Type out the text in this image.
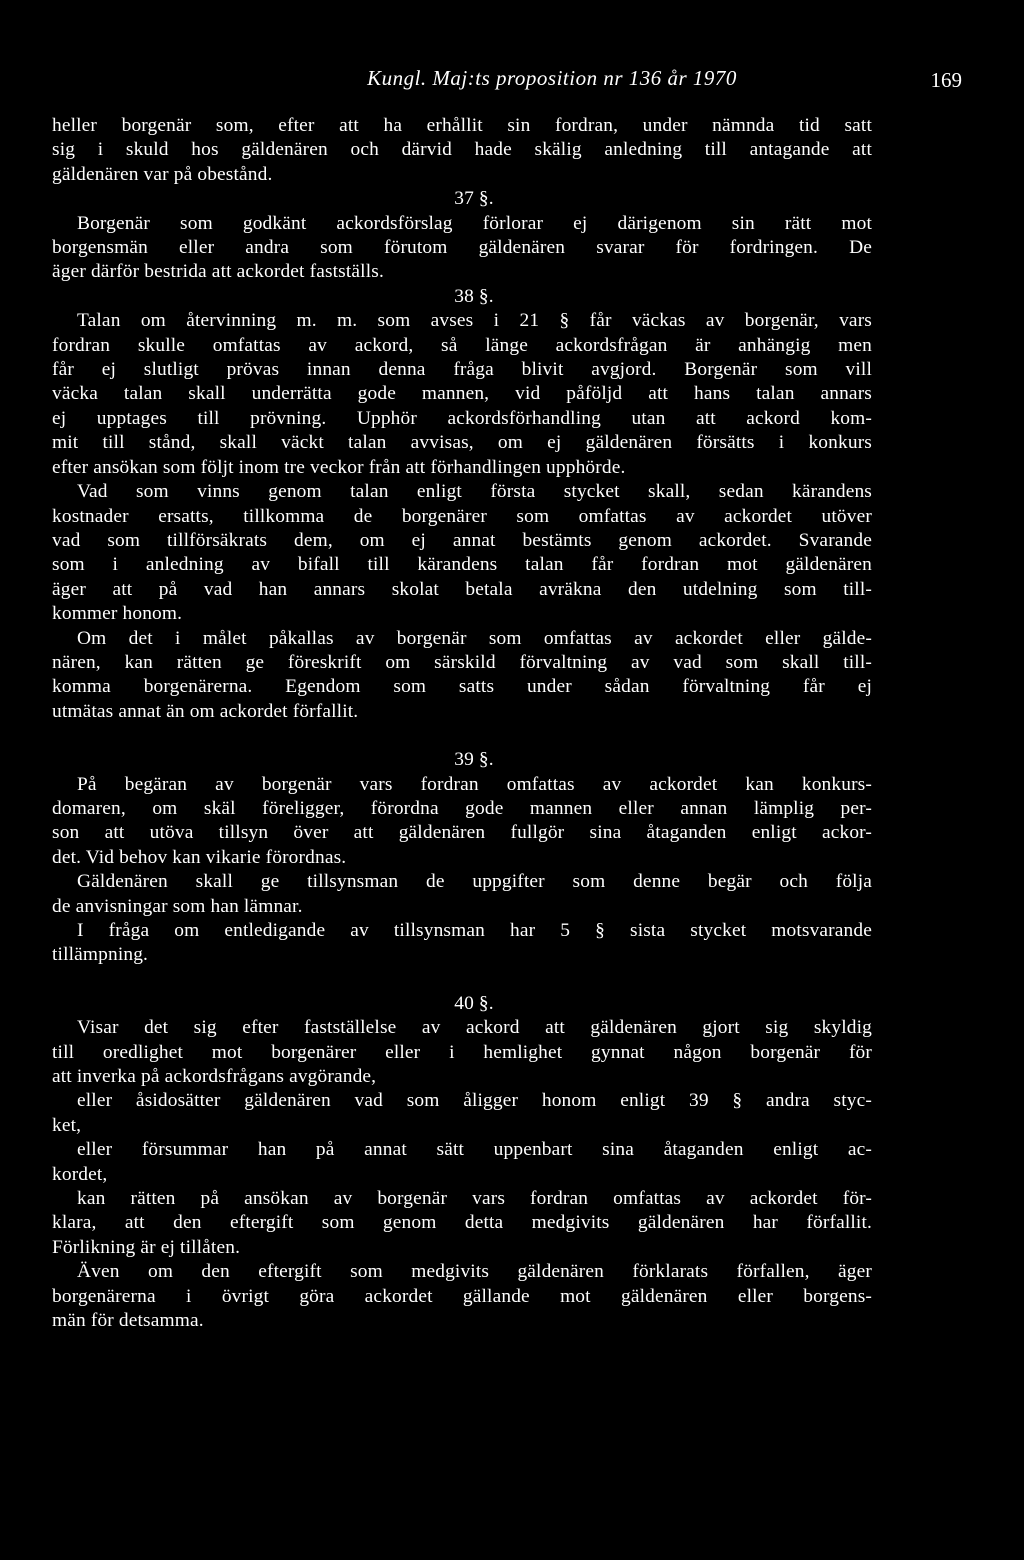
Kungl. Maj:ts proposition nr 136 år 1970	169

heller borgenär som, efter att ha erhållit sin fordran, under nämnda tid satt

sig i skuld hos gäldenären och därvid hade skälig anledning till antagande att

gäldenären var på obestånd.

37 §.

Borgenär som godkänt ackordsförslag förlorar ej därigenom sin rätt mot

borgensmän eller andra som förutom gäldenären svarar för fordringen. De

äger därför bestrida att ackordet fastställs.

38 §.

Talan om återvinning m. m. som avses i 21 § får väckas av borgenär, vars

fordran skulle omfattas av ackord, så länge ackordsfrågan är anhängig men

får ej slutligt prövas innan denna fråga blivit avgjord. Borgenär som vill

väcka talan skall underrätta gode mannen, vid påföljd att hans talan annars

ej upptages till prövning. Upphör ackordsförhandling utan att ackord kom-

mit till stånd, skall väckt talan avvisas, om ej gäldenären försätts i konkurs

efter ansökan som följt inom tre veckor från att förhandlingen upphörde.

Vad som vinns genom talan enligt första stycket skall, sedan kärandens

kostnader ersatts, tillkomma de borgenärer som omfattas av ackordet utöver

vad som tillförsäkrats dem, om ej annat bestämts genom ackordet. Svarande

som i anledning av bifall till kärandens talan får fordran mot gäldenären

äger att på vad han annars skolat betala avräkna den utdelning som till-

kommer honom.

Om det i målet påkallas av borgenär som omfattas av ackordet eller gälde-

nären, kan rätten ge föreskrift om särskild förvaltning av vad som skall till-

komma borgenärerna. Egendom som satts under sådan förvaltning får ej

utmätas annat än om ackordet förfallit.

39 §.

På begäran av borgenär vars fordran omfattas av ackordet kan konkurs-

domaren, om skäl föreligger, förordna gode mannen eller annan lämplig per-

son att utöva tillsyn över att gäldenären fullgör sina åtaganden enligt ackor-

det. Vid behov kan vikarie förordnas.

Gäldenären skall ge tillsynsman de uppgifter som denne begär och följa

de anvisningar som han lämnar.

I fråga om entledigande av tillsynsman har 5 § sista stycket motsvarande

tillämpning.

40 §.

Visar det sig efter fastställelse av ackord att gäldenären gjort sig skyldig

till oredlighet mot borgenärer eller i hemlighet gynnat någon borgenär för

att inverka på ackordsfrågans avgörande,

eller åsidosätter gäldenären vad som åligger honom enligt 39 § andra styc-

ket,

eller försummar han på annat sätt uppenbart sina åtaganden enligt ac-

kordet,

kan rätten på ansökan av borgenär vars fordran omfattas av ackordet för-

klara, att den eftergift som genom detta medgivits gäldenären har förfallit.

Förlikning är ej tillåten.

Även om den eftergift som medgivits gäldenären förklarats förfallen, äger

borgenärerna i övrigt göra ackordet gällande mot gäldenären eller borgens-

män för detsamma.
